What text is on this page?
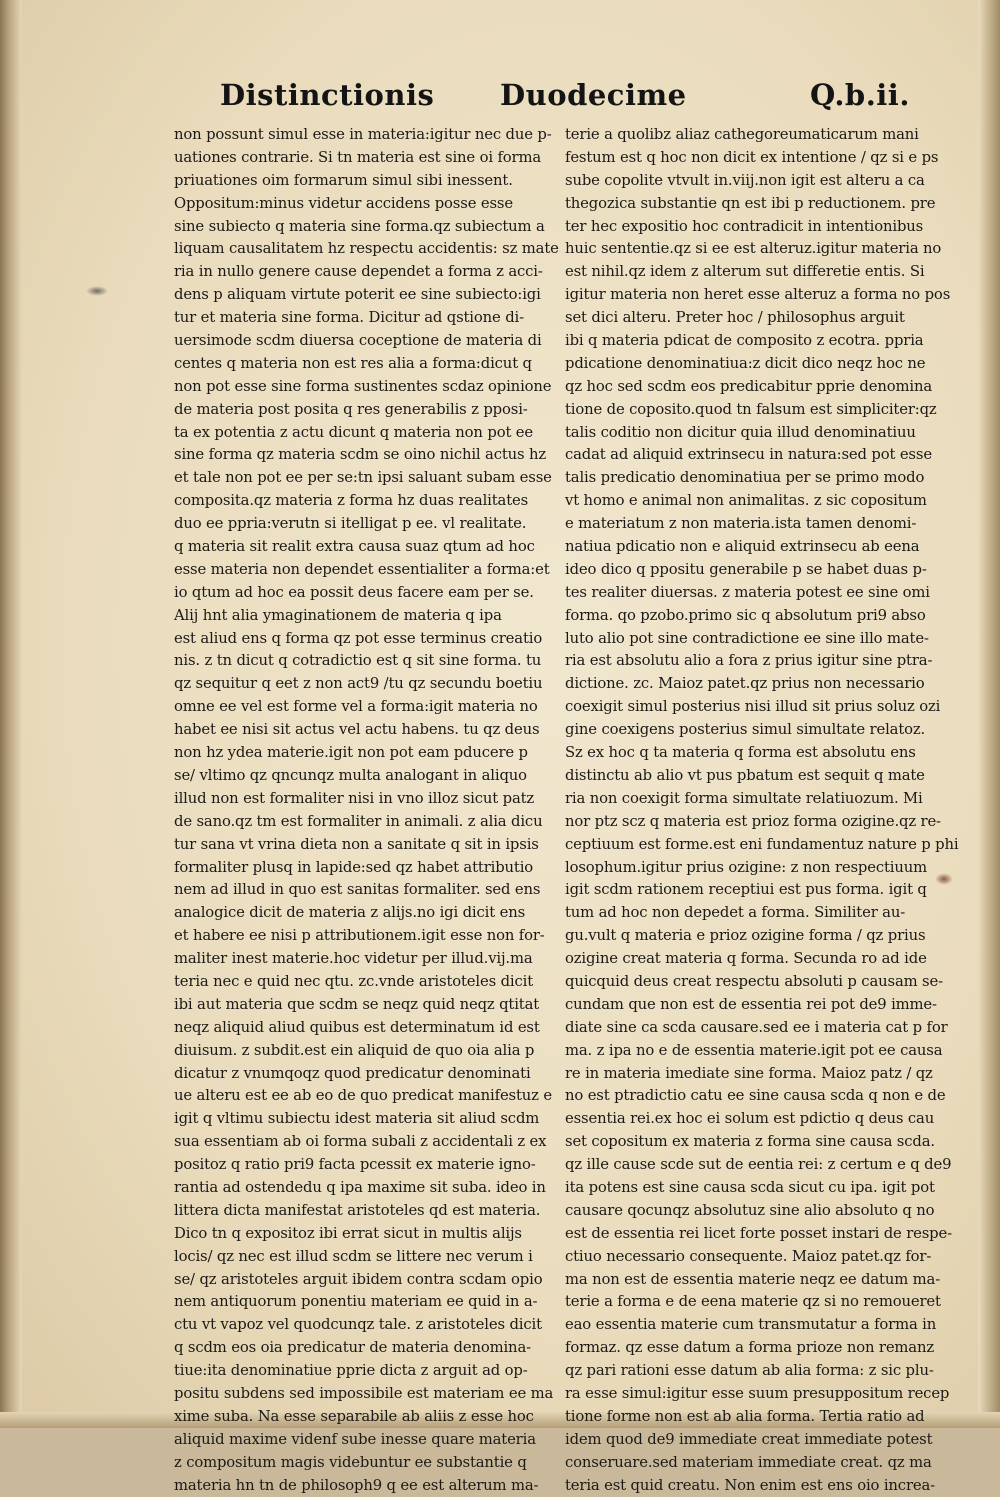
Distinctionis Duodecime	Q.b.ii.
non possunt simul esse in materia:igitur nec due p-
uationes contrarie. Si tn materia est sine oi forma
priuationes oim formarum simul sibi inessent.
Oppositum:minus videtur accidens posse esse
sine subiecto q materia sine forma.qz subiectum a
liquam causalitatem hz respectu accidentis: sz mate
ria in nullo genere cause dependet a forma z acci-
dens p aliquam virtute poterit ee sine subiecto:igi
tur et materia sine forma. Dicitur ad qstione di-
uersimode scdm diuersa coceptione de materia di
centes q materia non est res alia a forma:dicut q
non pot esse sine forma sustinentes scdaz opinione
de materia post posita q res generabilis z pposi-
ta ex potentia z actu dicunt q materia non pot ee
sine forma qz materia scdm se oino nichil actus hz
et tale non pot ee per se:tn ipsi saluant subam esse
composita.qz materia z forma hz duas realitates
duo ee ppria:verutn si itelligat p ee. vl realitate.
q materia sit realit extra causa suaz qtum ad hoc
esse materia non dependet essentialiter a forma:et
io qtum ad hoc ea possit deus facere eam per se.
Alij hnt alia ymaginationem de materia q ipa
est aliud ens q forma qz pot esse terminus creatio
nis. z tn dicut q cotradictio est q sit sine forma. tu
qz sequitur q eet z non act9 /tu qz secundu boetiu
omne ee vel est forme vel a forma:igit materia no
habet ee nisi sit actus vel actu habens. tu qz deus
non hz ydea materie.igit non pot eam pducere p
se/ vltimo qz qncunqz multa analogant in aliquo
illud non est formaliter nisi in vno illoz sicut patz
de sano.qz tm est formaliter in animali. z alia dicu
tur sana vt vrina dieta non a sanitate q sit in ipsis
formaliter plusq in lapide:sed qz habet attributio
nem ad illud in quo est sanitas formaliter. sed ens
analogice dicit de materia z alijs.no igi dicit ens
et habere ee nisi p attributionem.igit esse non for-
maliter inest materie.hoc videtur per illud.vij.ma
teria nec e quid nec qtu. zc.vnde aristoteles dicit
ibi aut materia que scdm se neqz quid neqz qtitat
neqz aliquid aliud quibus est determinatum id est
diuisum. z subdit.est ein aliquid de quo oia alia p
dicatur z vnumqoqz quod predicatur denominati
ue alteru est ee ab eo de quo predicat manifestuz e
igit q vltimu subiectu idest materia sit aliud scdm
sua essentiam ab oi forma subali z accidentali z ex
positoz q ratio pri9 facta pcessit ex materie igno-
rantia ad ostendedu q ipa maxime sit suba. ideo in
littera dicta manifestat aristoteles qd est materia.
Dico tn q expositoz ibi errat sicut in multis alijs
locis/ qz nec est illud scdm se littere nec verum i
se/ qz aristoteles arguit ibidem contra scdam opio
nem antiquorum ponentiu materiam ee quid in a-
ctu vt vapoz vel quodcunqz tale. z aristoteles dicit
q scdm eos oia predicatur de materia denomina-
tiue:ita denominatiue pprie dicta z arguit ad op-
positu subdens sed impossibile est materiam ee ma
xime suba. Na esse separabile ab aliis z esse hoc
aliquid maxime videnf sube inesse quare materia
z compositum magis videbuntur ee substantie q
materia hn tn de philosoph9 q ee est alterum ma-
terie a quolibz aliaz cathegoreumaticarum mani
festum est q hoc non dicit ex intentione / qz si e ps
sube copolite vtvult in.viij.non igit est alteru a ca
thegozica substantie qn est ibi p reductionem. pre
ter hec expositio hoc contradicit in intentionibus
huic sententie.qz si ee est alteruz.igitur materia no
est nihil.qz idem z alterum sut differetie entis. Si
igitur materia non heret esse alteruz a forma no pos
set dici alteru. Preter hoc / philosophus arguit
ibi q materia pdicat de composito z ecotra. ppria
pdicatione denominatiua:z dicit dico neqz hoc ne
qz hoc sed scdm eos predicabitur pprie denomina
tione de coposito.quod tn falsum est simpliciter:qz
talis coditio non dicitur quia illud denominatiuu
cadat ad aliquid extrinsecu in natura:sed pot esse
talis predicatio denominatiua per se primo modo
vt homo e animal non animalitas. z sic copositum
e materiatum z non materia.ista tamen denomi-
natiua pdicatio non e aliquid extrinsecu ab eena
ideo dico q ppositu generabile p se habet duas p-
tes realiter diuersas. z materia potest ee sine omi
forma. qo pzobo.primo sic q absolutum pri9 abso
luto alio pot sine contradictione ee sine illo mate-
ria est absolutu alio a fora z prius igitur sine ptra-
dictione. zc. Maioz patet.qz prius non necessario
coexigit simul posterius nisi illud sit prius soluz ozi
gine coexigens posterius simul simultate relatoz.
Sz ex hoc q ta materia q forma est absolutu ens
distinctu ab alio vt pus pbatum est sequit q mate
ria non coexigit forma simultate relatiuozum. Mi
nor ptz scz q materia est prioz forma ozigine.qz re-
ceptiuum est forme.est eni fundamentuz nature p phi
losophum.igitur prius ozigine: z non respectiuum
igit scdm rationem receptiui est pus forma. igit q
tum ad hoc non depedet a forma. Similiter au-
gu.vult q materia e prioz ozigine forma / qz prius
ozigine creat materia q forma. Secunda ro ad ide
quicquid deus creat respectu absoluti p causam se-
cundam que non est de essentia rei pot de9 imme-
diate sine ca scda causare.sed ee i materia cat p for
ma. z ipa no e de essentia materie.igit pot ee causa
re in materia imediate sine forma. Maioz patz / qz
no est ptradictio catu ee sine causa scda q non e de
essentia rei.ex hoc ei solum est pdictio q deus cau
set copositum ex materia z forma sine causa scda.
qz ille cause scde sut de eentia rei: z certum e q de9
ita potens est sine causa scda sicut cu ipa. igit pot
causare qocunqz absolutuz sine alio absoluto q no
est de essentia rei licet forte posset instari de respe-
ctiuo necessario consequente. Maioz patet.qz for-
ma non est de essentia materie neqz ee datum ma-
terie a forma e de eena materie qz si no remoueret
eao essentia materie cum transmutatur a forma in
formaz. qz esse datum a forma prioze non remanz
qz pari rationi esse datum ab alia forma: z sic plu-
ra esse simul:igitur esse suum presuppositum recep
tione forme non est ab alia forma. Tertia ratio ad
idem quod de9 immediate creat immediate potest
conseruare.sed materiam immediate creat. qz ma
teria est quid creatu. Non enim est ens oio increa-
